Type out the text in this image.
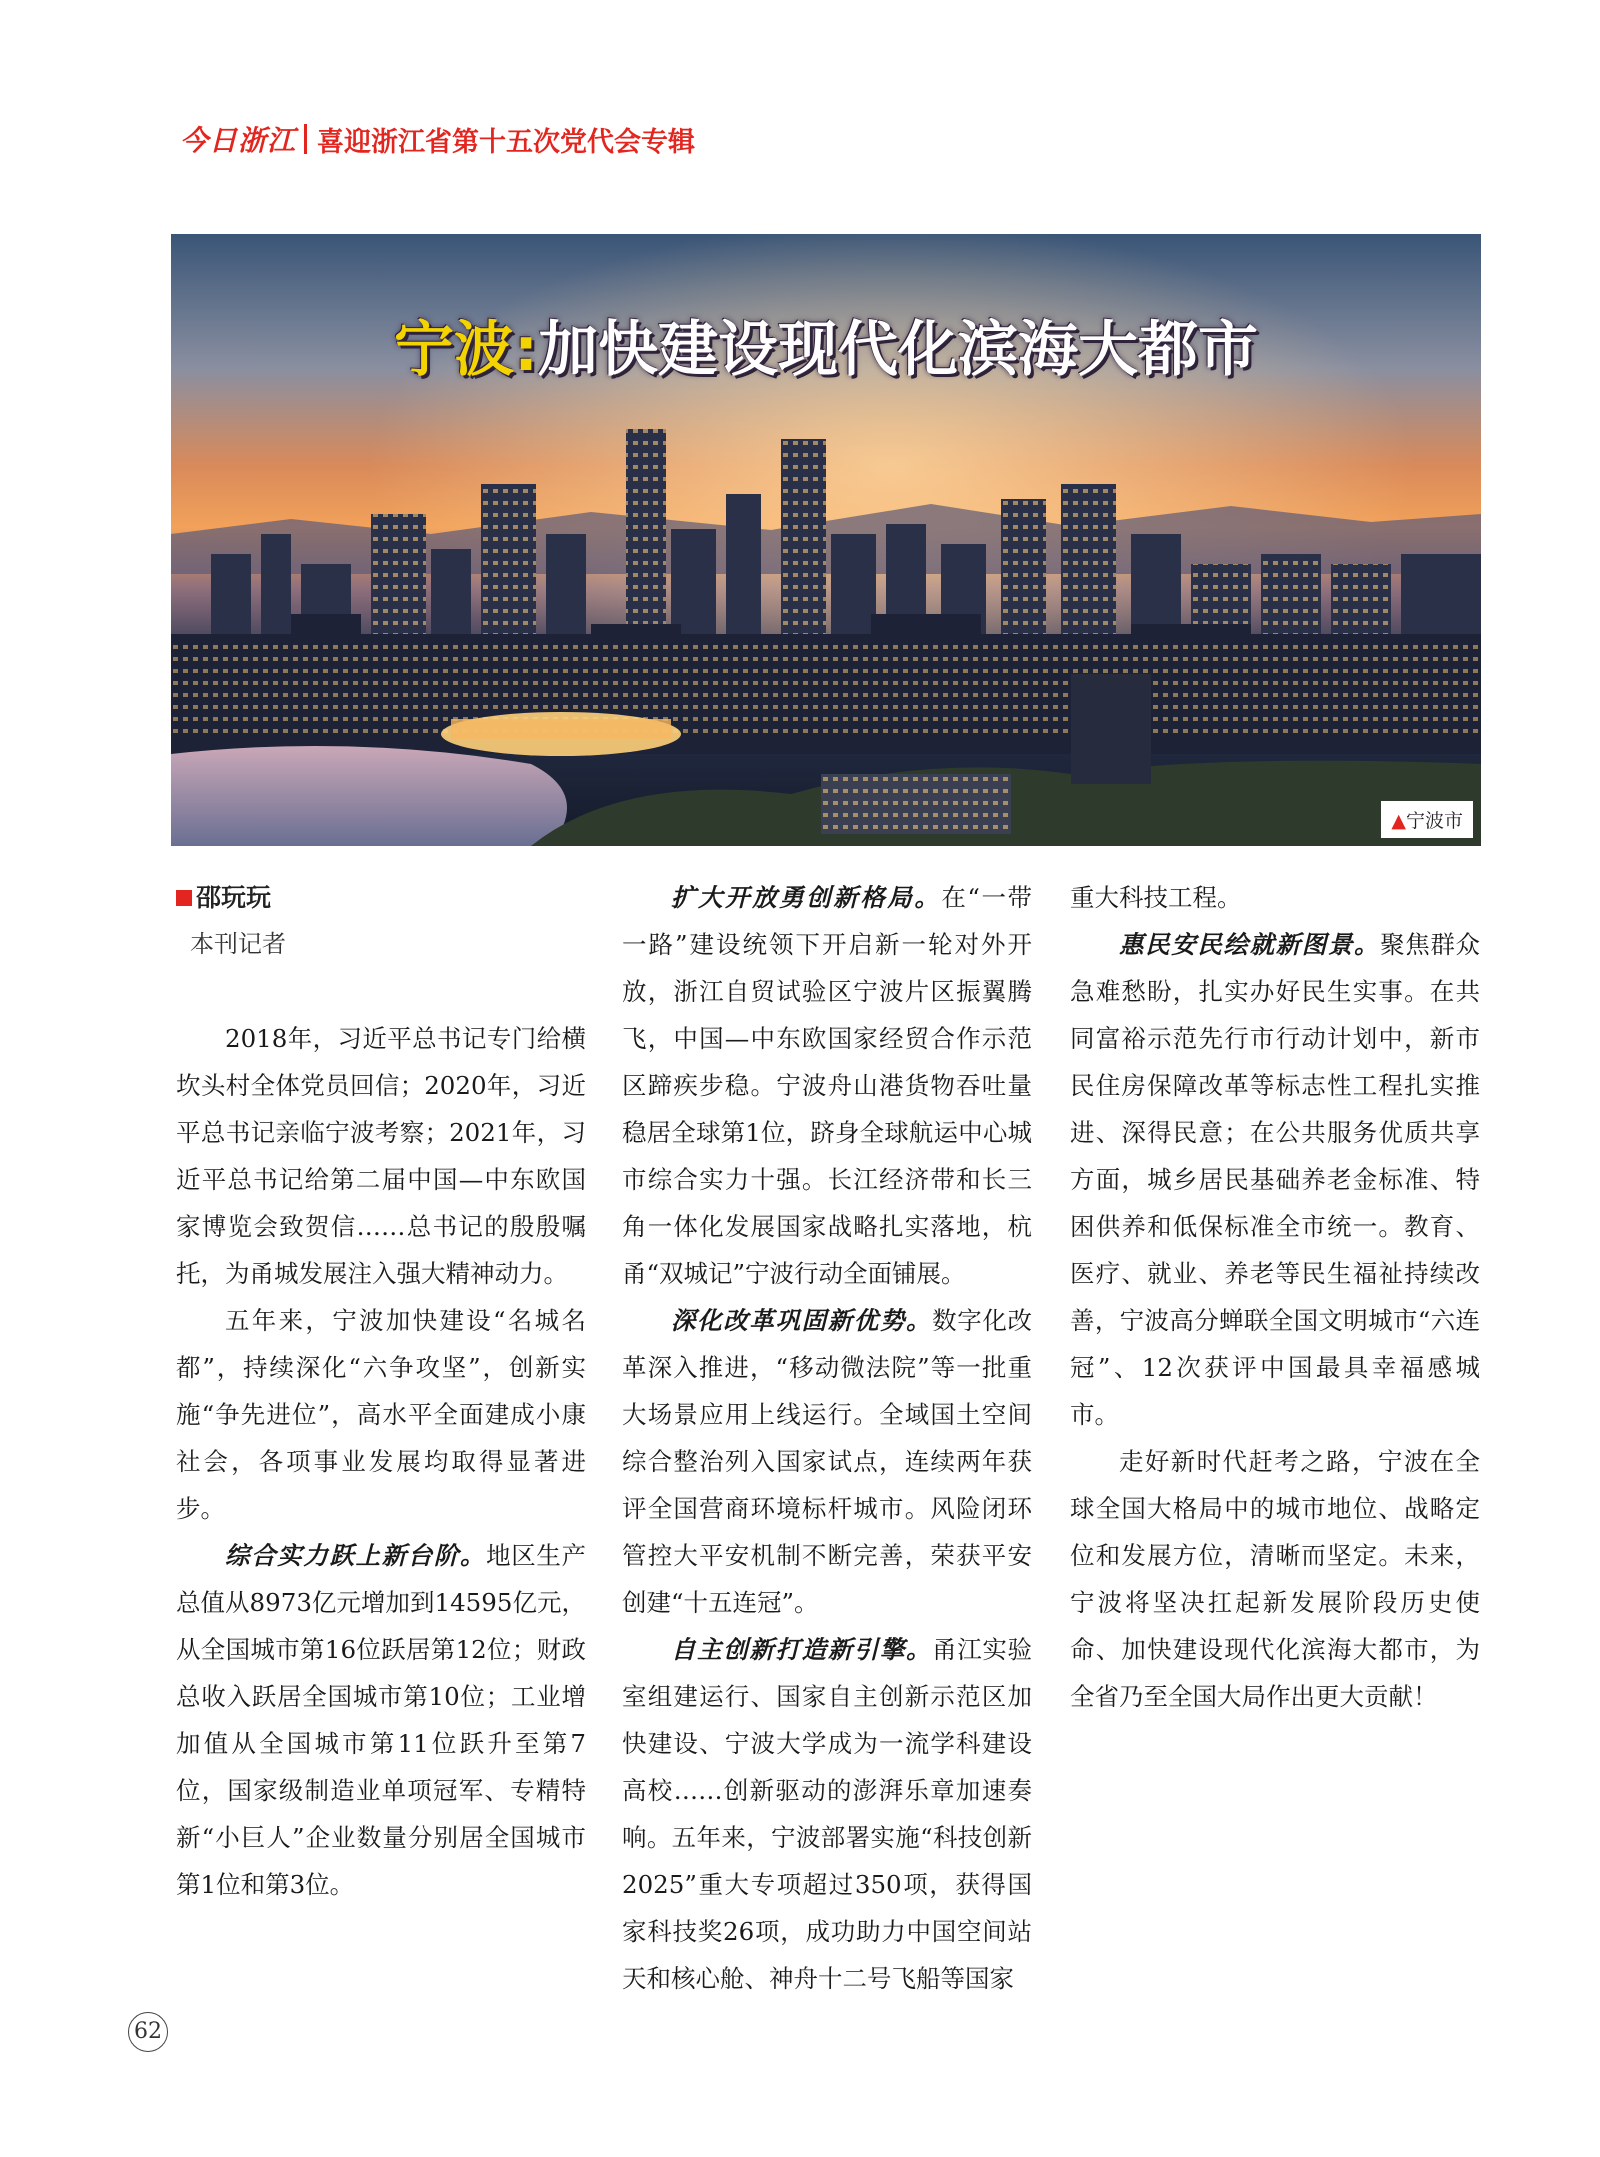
今日浙江 喜迎浙江省第十五次党代会专辑
宁波:加快建设现代化滨海大都市
▲宁波市
邵玩玩
本刊记者

2018年，习近平总书记专门给横坎头村全体党员回信；2020年，习近平总书记亲临宁波考察；2021年，习近平总书记给第二届中国—中东欧国家博览会致贺信……总书记的殷殷嘱托，为甬城发展注入强大精神动力。

五年来，宁波加快建设“名城名都”，持续深化“六争攻坚”，创新实施“争先进位”，高水平全面建成小康社会，各项事业发展均取得显著进步。

综合实力跃上新台阶。地区生产总值从8973亿元增加到14595亿元，从全国城市第16位跃居第12位；财政总收入跃居全国城市第10位；工业增加值从全国城市第11位跃升至第7位，国家级制造业单项冠军、专精特新“小巨人”企业数量分别居全国城市第1位和第3位。

扩大开放勇创新格局。在“一带一路”建设统领下开启新一轮对外开放，浙江自贸试验区宁波片区振翼腾飞，中国—中东欧国家经贸合作示范区蹄疾步稳。宁波舟山港货物吞吐量稳居全球第1位，跻身全球航运中心城市综合实力十强。长江经济带和长三角一体化发展国家战略扎实落地，杭甬“双城记”宁波行动全面铺展。

深化改革巩固新优势。数字化改革深入推进，“移动微法院”等一批重大场景应用上线运行。全域国土空间综合整治列入国家试点，连续两年获评全国营商环境标杆城市。风险闭环管控大平安机制不断完善，荣获平安创建“十五连冠”。

自主创新打造新引擎。甬江实验室组建运行、国家自主创新示范区加快建设、宁波大学成为一流学科建设高校……创新驱动的澎湃乐章加速奏响。五年来，宁波部署实施“科技创新2025”重大专项超过350项，获得国家科技奖26项，成功助力中国空间站天和核心舱、神舟十二号飞船等国家

重大科技工程。

惠民安民绘就新图景。聚焦群众急难愁盼，扎实办好民生实事。在共同富裕示范先行市行动计划中，新市民住房保障改革等标志性工程扎实推进、深得民意；在公共服务优质共享方面，城乡居民基础养老金标准、特困供养和低保标准全市统一。教育、医疗、就业、养老等民生福祉持续改善，宁波高分蝉联全国文明城市“六连冠”、12次获评中国最具幸福感城市。

走好新时代赶考之路，宁波在全球全国大格局中的城市地位、战略定位和发展方位，清晰而坚定。未来，宁波将坚决扛起新发展阶段历史使命、加快建设现代化滨海大都市，为全省乃至全国大局作出更大贡献！

62
